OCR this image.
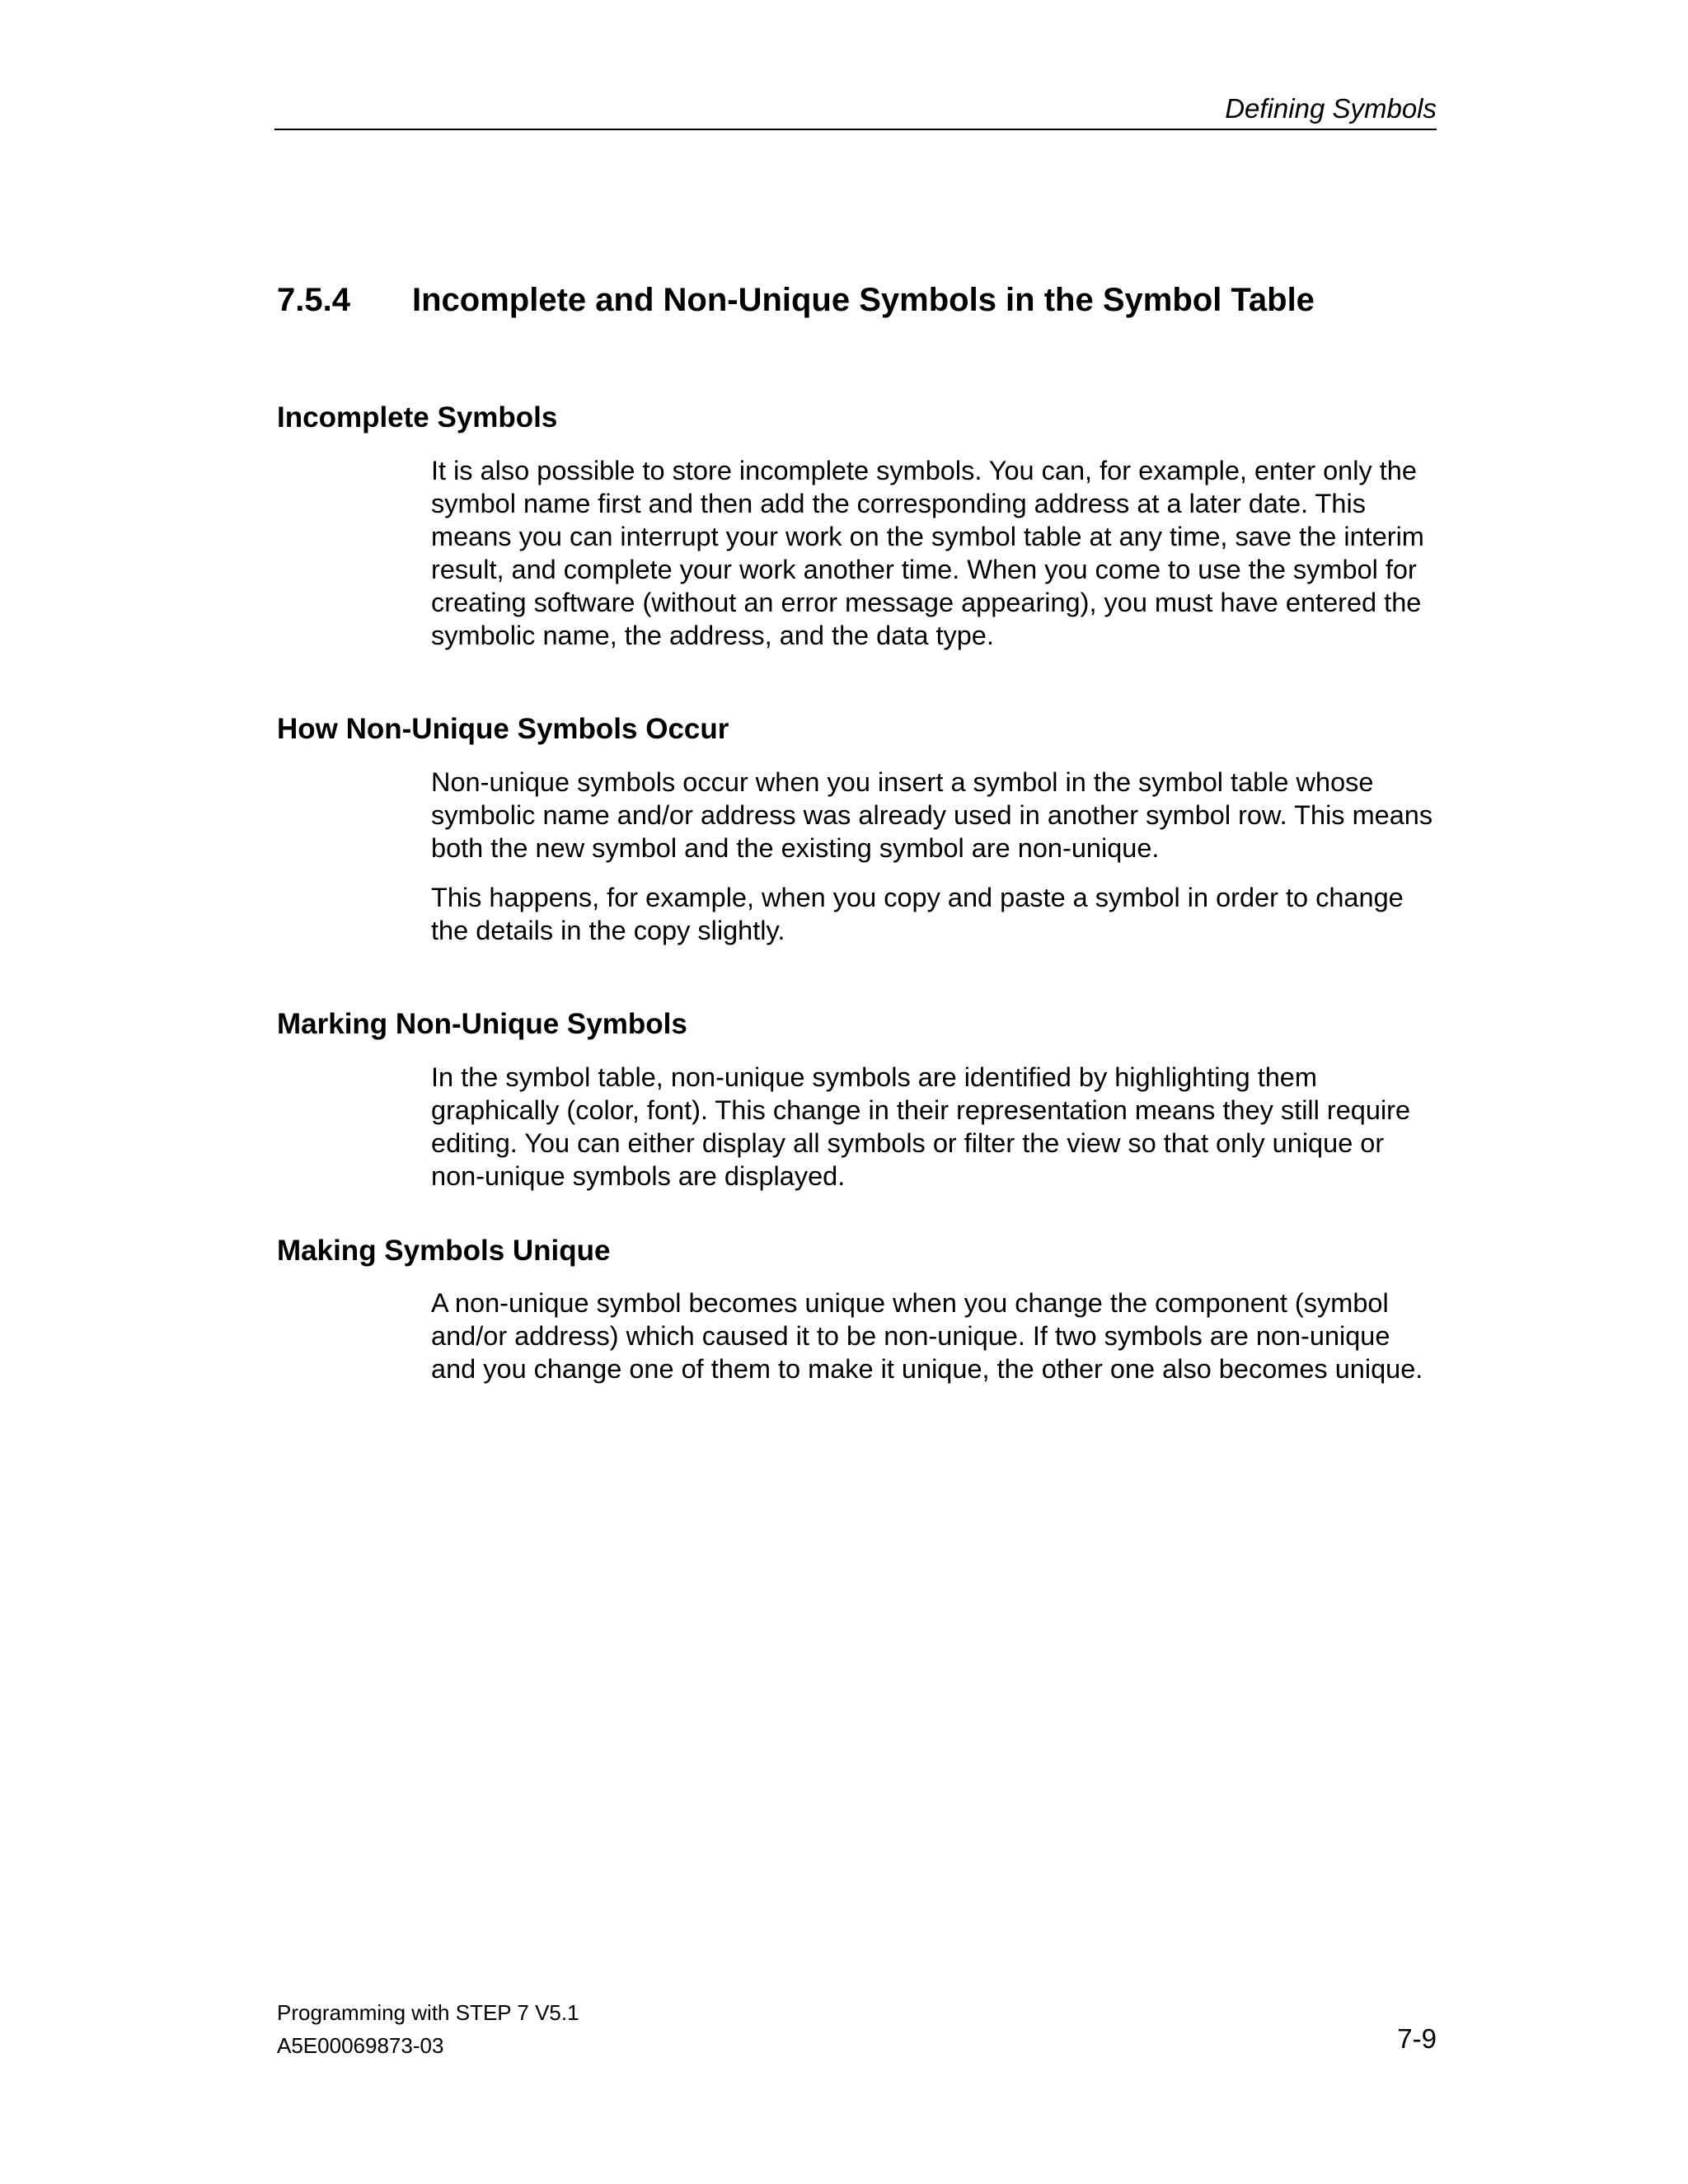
Defining Symbols
7.5.4 Incomplete and Non-Unique Symbols in the Symbol Table
Incomplete Symbols

It is also possible to store incomplete symbols. You can, for example, enter only the symbol name first and then add the corresponding address at a later date. This means you can interrupt your work on the symbol table at any time, save the interim result, and complete your work another time. When you come to use the symbol for creating software (without an error message appearing), you must have entered the symbolic name, the address, and the data type.

How Non-Unique Symbols Occur

Non-unique symbols occur when you insert a symbol in the symbol table whose symbolic name and/or address was already used in another symbol row. This means both the new symbol and the existing symbol are non-unique.

This happens, for example, when you copy and paste a symbol in order to change the details in the copy slightly.

Marking Non-Unique Symbols

In the symbol table, non-unique symbols are identified by highlighting them graphically (color, font). This change in their representation means they still require editing. You can either display all symbols or filter the view so that only unique or non-unique symbols are displayed.

Making Symbols Unique

A non-unique symbol becomes unique when you change the component (symbol and/or address) which caused it to be non-unique. If two symbols are non-unique and you change one of them to make it unique, the other one also becomes unique.

Programming with STEP 7 V5.1
A5E00069873-03	7-9
